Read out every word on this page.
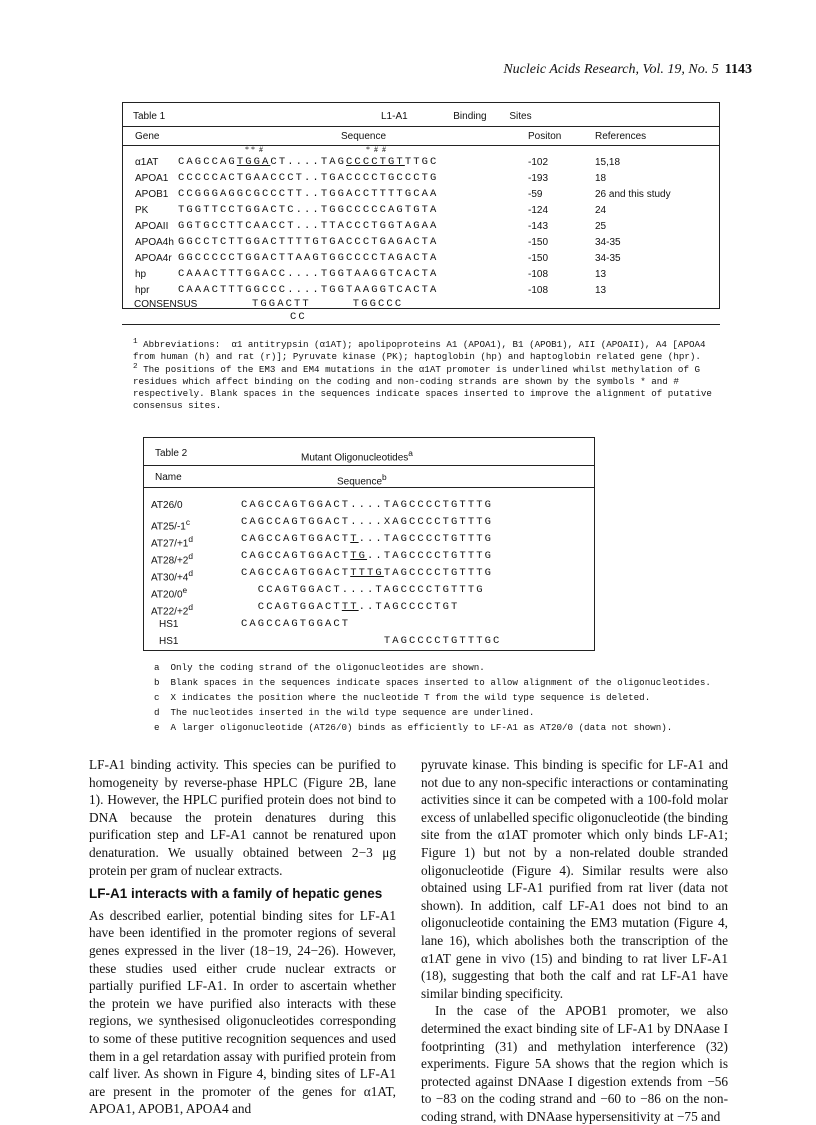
Nucleic Acids Research, Vol. 19, No. 5 1143
Table 1	L1-A1  Binding Sites
Gene	Sequence	Positon	References
α1AT CAGCCAGTGGACT....TAGCCCCTGTTTGC	-102	15,18
APOA1 CCCCCACTGAACCCT..TGACCCCTGCCCTG	-193	18
APOB1 CCGGGAGGCGCCCTT..TGGACCTTTTGCAA	-59	26 and this study
PK	TGGTTCCTGGACTC...TGGCCCCCAGTGTA	-124	24
APOAII GGTGCCTTCAACCT...TTACCCTGGTAGAA	-143	25
APOA4h GGCCTCTTGGACTTTTGTGACCCTGAGACTA	-150	34-35
APOA4r GGCCCCCTGGACTTAAGTGGCCCCTAGACTA	-150	34-35
hp	CAAACTTTGGACC....TGGTAAGGTCACTA	-108	13
hpr	CAAACTTTGGCCC....TGGTAAGGTCACTA	-108	13
CONSENSUS	TGGACTT     TGGCCC
CC
* *  #	*  #  #
$^1$ Abbreviations:  α1 antitrypsin (α1AT); apolipoproteins A1 (APOA1), B1 (APOB1), AII (APOAII), A4 [APOA4
from human (h) and rat (r)]; Pyruvate kinase (PK); haptoglobin (hp) and haptoglobin related gene (hpr).
$^2$ The positions of the EM3 and EM4 mutations in the α1AT promoter is underlined whilst methylation of G
residues which affect binding on the coding and non-coding strands are shown by the symbols * and #
respectively. Blank spaces in the sequences indicate spaces inserted to improve the alignment of putative
consensus sites.
Table 2	Mutant Oligonucleotides$^a$
Name	Sequence$^b$
AT26/0	CAGCCAGTGGACT....TAGCCCCTGTTTG
AT25/-1$^c$	CAGCCAGTGGACT....XAGCCCCTGTTTG
$AT27/+1^d$	CAGCCAGTGGACTT...TAGCCCCTGTTTG
$AT28/+2^d$	CAGCCAGTGGACTTG..TAGCCCCTGTTTG
$AT30/+4^d$	CAGCCAGTGGACTTTTGTAGCCCCTGTTTG
AT20/0e	CCAGTGGACT....TAGCCCCTGTTTG
$AT22/+2^d$	CCAGTGGACTTT..TAGCCCCTGT
HS1	CAGCCAGTGGACT
HS1	TAGCCCCTGTTTGC
a Only the coding strand of the oligonucleotides are shown.
b Blank spaces in the sequences indicate spaces inserted to allow alignment of the oligonucleotides.
c X indicates the position where the nucleotide T from the wild type sequence is deleted.
d The nucleotides inserted in the wild type sequence are underlined.
e A larger oligonucleotide (AT26/0) binds as efficiently to LF-A1 as AT20/0 (data not shown).

LF-A1 binding activity. This species can be purified to homogeneity by reverse-phase HPLC (Figure 2B, lane 1). However, the HPLC purified protein does not bind to DNA because the protein denatures during this purification step and LF-A1 cannot be renatured upon denaturation. We usually obtained between 2−3 μg protein per gram of nuclear extracts.

LF-A1 interacts with a family of hepatic genes

As described earlier, potential binding sites for LF-A1 have been identified in the promoter regions of several genes expressed in the liver (18−19, 24−26). However, these studies used either crude nuclear extracts or partially purified LF-A1. In order to ascertain whether the protein we have purified also interacts with these regions, we synthesised oligonucleotides corresponding to some of these putitive recognition sequences and used them in a gel retardation assay with purified protein from calf liver. As shown in Figure 4, binding sites of LF-A1 are present in the promoter of the genes for α1AT, APOA1, APOB1, APOA4 and

pyruvate kinase. This binding is specific for LF-A1 and not due to any non-specific interactions or contaminating activities since it can be competed with a 100-fold molar excess of unlabelled specific oligonucleotide (the binding site from the α1AT promoter which only binds LF-A1; Figure 1) but not by a non-related double stranded oligonucleotide (Figure 4). Similar results were also obtained using LF-A1 purified from rat liver (data not shown). In addition, calf LF-A1 does not bind to an oligonucleotide containing the EM3 mutation (Figure 4, lane 16), which abolishes both the transcription of the α1AT gene in vivo (15) and binding to rat liver LF-A1 (18), suggesting that both the calf and rat LF-A1 have similar binding specificity.

In the case of the APOB1 promoter, we also determined the exact binding site of LF-A1 by DNAase I footprinting (31) and methylation interference (32) experiments. Figure 5A shows that the region which is protected against DNAase I digestion extends from −56 to −83 on the coding strand and −60 to −86 on the non-coding strand, with DNAase hypersensitivity at −75 and
